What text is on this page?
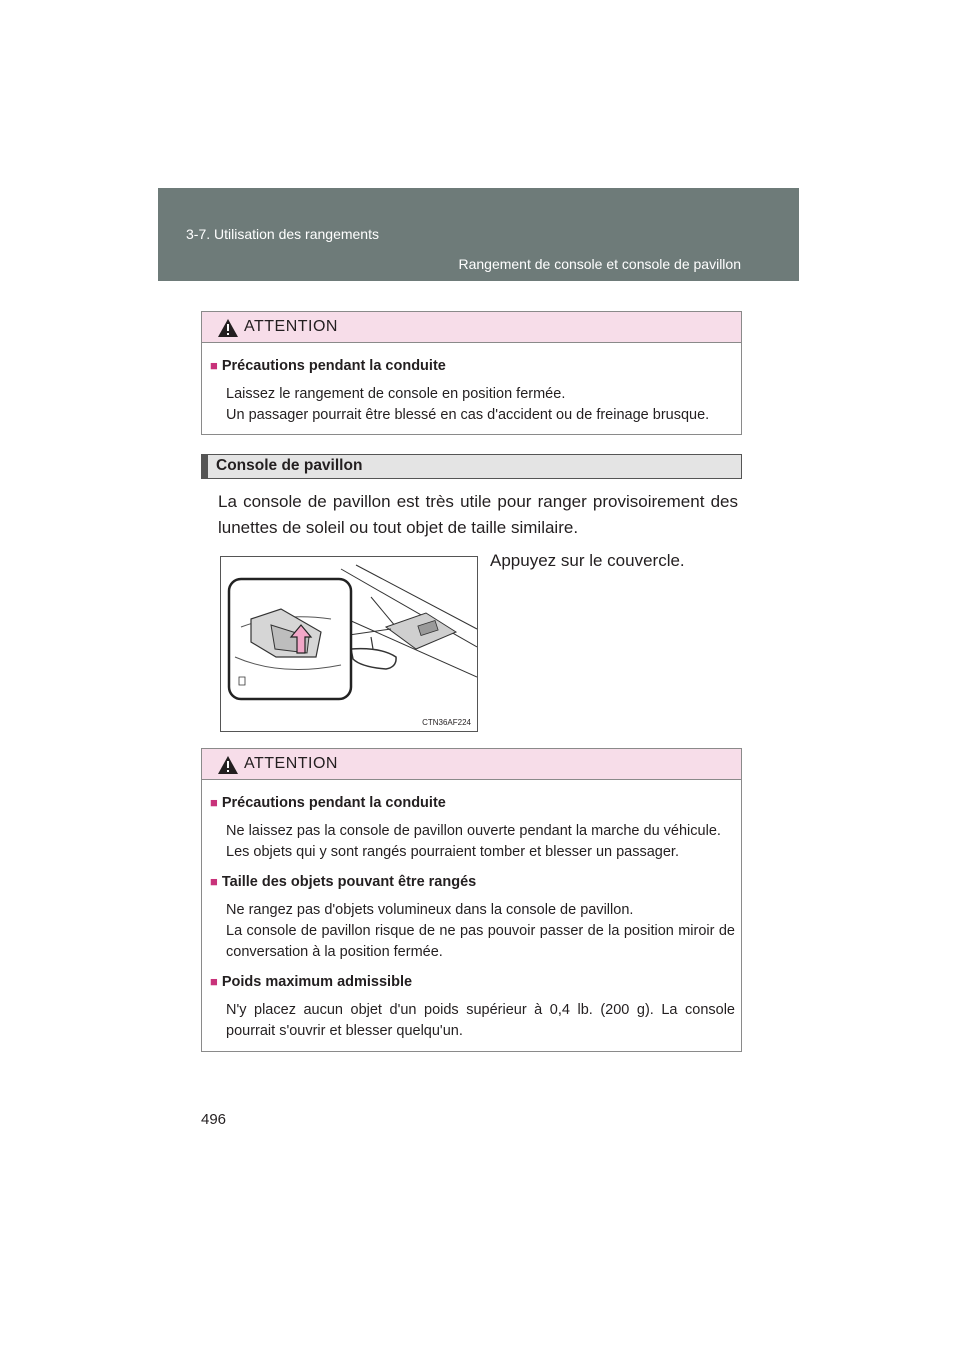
3-7. Utilisation des rangements
Rangement de console et console de pavillon
ATTENTION
■ Précautions pendant la conduite
Laissez le rangement de console en position fermée.
Un passager pourrait être blessé en cas d'accident ou de freinage brusque.
Console de pavillon
La console de pavillon est très utile pour ranger provisoirement des lunettes de soleil ou tout objet de taille similaire.
Appuyez sur le couvercle.
CTN36AF224
ATTENTION
■ Précautions pendant la conduite
Ne laissez pas la console de pavillon ouverte pendant la marche du véhicule.
Les objets qui y sont rangés pourraient tomber et blesser un passager.
■ Taille des objets pouvant être rangés
Ne rangez pas d'objets volumineux dans la console de pavillon.
La console de pavillon risque de ne pas pouvoir passer de la position miroir de conversation à la position fermée.
■ Poids maximum admissible
N'y placez aucun objet d'un poids supérieur à 0,4 lb. (200 g). La console pourrait s'ouvrir et blesser quelqu'un.
496
